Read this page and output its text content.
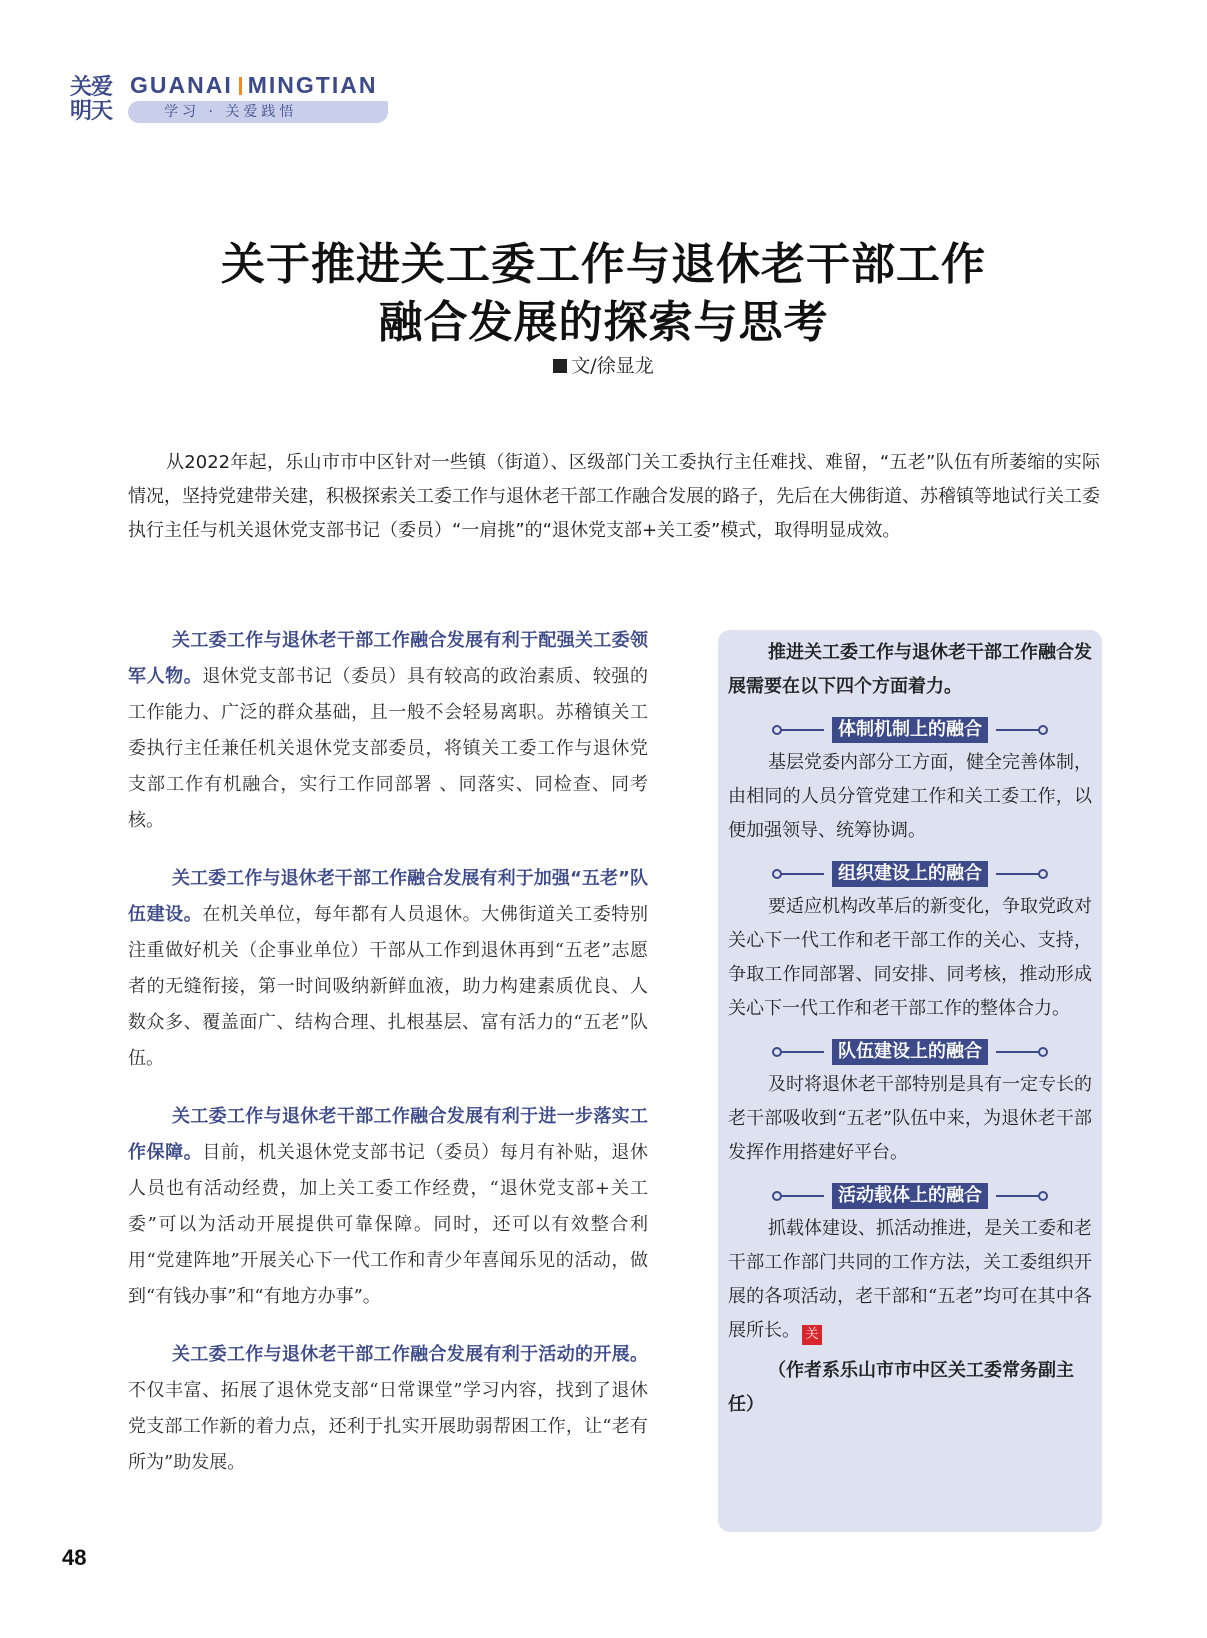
关爱明天
GUANAI MINGTIAN
学习 · 关爱践悟
关于推进关工委工作与退休老干部工作
融合发展的探索与思考
文/徐显龙

从2022年起，乐山市市中区针对一些镇（街道）、区级部门关工委执行主任难找、难留，“五老”队伍有所萎缩的实际情况，坚持党建带关建，积极探索关工委工作与退休老干部工作融合发展的路子，先后在大佛街道、苏稽镇等地试行关工委执行主任与机关退休党支部书记（委员）“一肩挑”的“退休党支部+关工委”模式，取得明显成效。

关工委工作与退休老干部工作融合发展有利于配强关工委领军人物。退休党支部书记（委员）具有较高的政治素质、较强的工作能力、广泛的群众基础，且一般不会轻易离职。苏稽镇关工委执行主任兼任机关退休党支部委员，将镇关工委工作与退休党支部工作有机融合，实行工作同部署 、同落实、同检查、同考核。

关工委工作与退休老干部工作融合发展有利于加强“五老”队伍建设。在机关单位，每年都有人员退休。大佛街道关工委特别注重做好机关（企事业单位）干部从工作到退休再到“五老”志愿者的无缝衔接，第一时间吸纳新鲜血液，助力构建素质优良、人数众多、覆盖面广、结构合理、扎根基层、富有活力的“五老”队伍。

关工委工作与退休老干部工作融合发展有利于进一步落实工作保障。目前，机关退休党支部书记（委员）每月有补贴，退休人员也有活动经费，加上关工委工作经费，“退休党支部+关工委”可以为活动开展提供可靠保障。同时，还可以有效整合利用“党建阵地”开展关心下一代工作和青少年喜闻乐见的活动，做到“有钱办事”和“有地方办事”。

关工委工作与退休老干部工作融合发展有利于活动的开展。不仅丰富、拓展了退休党支部“日常课堂”学习内容，找到了退休党支部工作新的着力点，还利于扎实开展助弱帮困工作，让“老有所为”助发展。

推进关工委工作与退休老干部工作融合发展需要在以下四个方面着力。

体制机制上的融合

基层党委内部分工方面，健全完善体制，由相同的人员分管党建工作和关工委工作，以便加强领导、统筹协调。

组织建设上的融合

要适应机构改革后的新变化，争取党政对关心下一代工作和老干部工作的关心、支持，争取工作同部署、同安排、同考核，推动形成关心下一代工作和老干部工作的整体合力。

队伍建设上的融合

及时将退休老干部特别是具有一定专长的老干部吸收到“五老”队伍中来，为退休老干部发挥作用搭建好平台。

活动载体上的融合

抓载体建设、抓活动推进，是关工委和老干部工作部门共同的工作方法，关工委组织开展的各项活动，老干部和“五老”均可在其中各展所长。 关

（作者系乐山市市中区关工委常务副主任）

48
